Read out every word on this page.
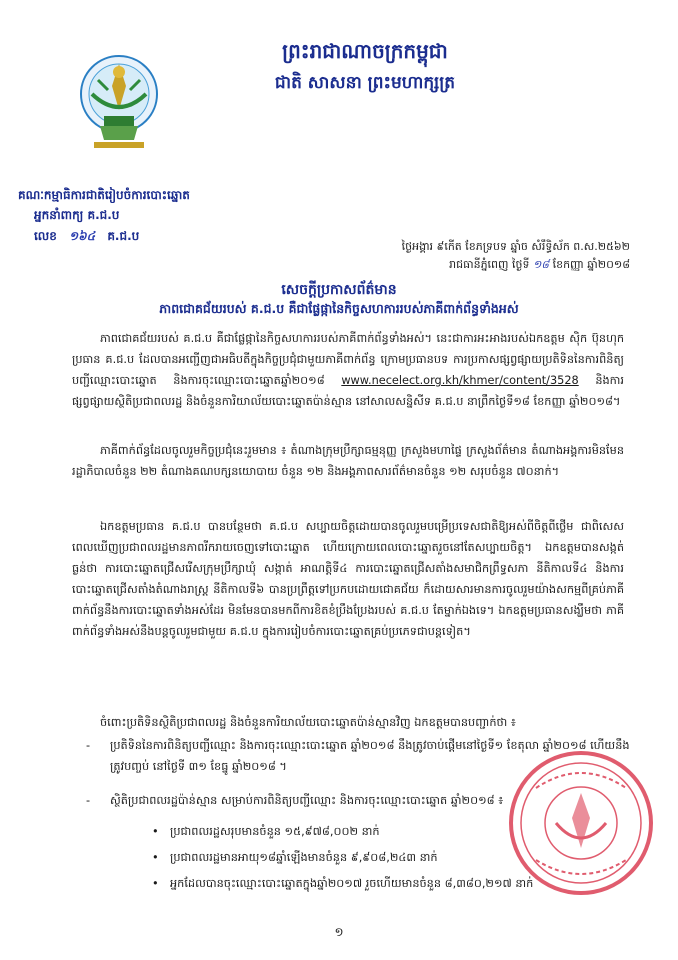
ព្រះរាជាណាចក្រកម្ពុជា

ជាតិ សាសនា ព្រះមហាក្សត្រ

គណៈកម្មាធិការជាតិរៀបចំការបោះឆ្នោត
អ្នកនាំពាក្យ គ.ជ.ប
លេខ ១៦៤ គ.ជ.ប
ថ្ងៃអង្គារ ៩កើត ខែភទ្របទ ឆ្នាំច សំរឹទ្ធិស័ក ព.ស.២៥៦២
រាជធានីភ្នំពេញ ថ្ងៃទី ១៨ ខែកញ្ញា ឆ្នាំ២០១៨
សេចក្ដីប្រកាសព័ត៌មាន
ភាពជោគជ័យរបស់ គ.ជ.ប គឺជាផ្លែផ្កានៃកិច្ចសហការរបស់ភាគីពាក់ព័ន្ធទាំងអស់

ភាពជោគជ័យរបស់ គ.ជ.ប គឺជាផ្លែផ្កានៃកិច្ចសហការរបស់ភាគីពាក់ព័ន្ធទាំងអស់។ នេះជាការអះអាងរបស់ឯកឧត្តម ស៊ិក ប៊ុនហុក ប្រធាន គ.ជ.ប ដែលបានអញ្ជើញជាអធិបតីក្នុងកិច្ចប្រជុំជាមួយភាគីពាក់ព័ន្ធ ក្រោមប្រធានបទ ការប្រកាសផ្សព្វផ្សាយប្រតិទិននៃការពិនិត្យបញ្ជីឈ្មោះបោះឆ្នោត និងការចុះឈ្មោះបោះឆ្នោតឆ្នាំ២០១៨ www.necelect.org.kh/khmer/content/3528 និងការផ្សព្វផ្សាយស្ថិតិប្រជាពលរដ្ឋ និងចំនួនការិយាល័យបោះឆ្នោតប៉ាន់ស្មាន នៅសាលសន្និសីទ គ.ជ.ប នាព្រឹកថ្ងៃទី១៨ ខែកញ្ញា ឆ្នាំ២០១៨។

ភាគីពាក់ព័ន្ធដែលចូលរួមកិច្ចប្រជុំនេះរួមមាន ៖ តំណាងក្រុមប្រឹក្សាធម្មនុញ្ញ ក្រសួងមហាផ្ទៃ ក្រសួងព័ត៌មាន តំណាងអង្គការមិនមែនរដ្ឋាភិបាលចំនួន ២២ តំណាងគណបក្សនយោបាយ ចំនួន ១២ និងអង្គភាពសារព័ត៌មានចំនួន ១២ សរុបចំនួន ៧០នាក់។

ឯកឧត្តមប្រធាន គ.ជ.ប បានបន្ថែមថា គ.ជ.ប សប្បាយចិត្តដោយបានចូលរួមបម្រើប្រទេសជាតិឱ្យអស់ពីចិត្តពីថ្លើម ជាពិសេសពេលឃើញប្រជាពលរដ្ឋមានភាពរីករាយចេញទៅបោះឆ្នោត ហើយក្រោយពេលបោះឆ្នោតរួចនៅតែសប្បាយចិត្ត។ ឯកឧត្តមបានសង្កត់ធ្ងន់ថា ការបោះឆ្នោតជ្រើសរើសក្រុមប្រឹក្សាឃុំ សង្កាត់ អាណត្តិទី៤ ការបោះឆ្នោតជ្រើសតាំងសមាជិកព្រឹទ្ធសភា នីតិកាលទី៤ និងការបោះឆ្នោតជ្រើសតាំងតំណាងរាស្ត្រ នីតិកាលទី៦ បានប្រព្រឹត្តទៅប្រកបដោយជោគជ័យ ក៏ដោយសារមានការចូលរួមយ៉ាងសកម្មពីគ្រប់ភាគីពាក់ព័ន្ធនឹងការបោះឆ្នោតទាំងអស់ដែរ មិនមែនបានមកពីការខិតខំប្រឹងប្រែងរបស់ គ.ជ.ប តែម្នាក់ឯងទេ។ ឯកឧត្តមប្រធានសង្ឃឹមថា ភាគីពាក់ព័ន្ធទាំងអស់នឹងបន្តចូលរួមជាមួយ គ.ជ.ប ក្នុងការរៀបចំការបោះឆ្នោតគ្រប់ប្រភេទជាបន្តទៀត។

ចំពោះប្រតិទិនស្ថិតិប្រជាពលរដ្ឋ និងចំនួនការិយាល័យបោះឆ្នោតប៉ាន់ស្មានវិញ ឯកឧត្តមបានបញ្ជាក់ថា ៖

- ប្រតិទិននៃការពិនិត្យបញ្ជីឈ្មោះ និងការចុះឈ្មោះបោះឆ្នោត ឆ្នាំ២០១៨ នឹងត្រូវចាប់ផ្តើមនៅថ្ងៃទី១ ខែតុលា ឆ្នាំ២០១៨ ហើយនឹងត្រូវបញ្ចប់ នៅថ្ងៃទី ៣១ ខែធ្នូ ឆ្នាំ២០១៨ ។

- ស្ថិតិប្រជាពលរដ្ឋប៉ាន់ស្មាន សម្រាប់ការពិនិត្យបញ្ជីឈ្មោះ និងការចុះឈ្មោះបោះឆ្នោត ឆ្នាំ២០១៨ ៖

• ប្រជាពលរដ្ឋសរុបមានចំនួន ១៥,៩៧៨,០០២ នាក់

• ប្រជាពលរដ្ឋមានអាយុ១៨ឆ្នាំឡើងមានចំនួន ៩,៩០៨,២៤៣ នាក់

• អ្នកដែលបានចុះឈ្មោះបោះឆ្នោតក្នុងឆ្នាំ២០១៧ រួចហើយមានចំនួន ៨,៣៨០,២១៧ នាក់

១
